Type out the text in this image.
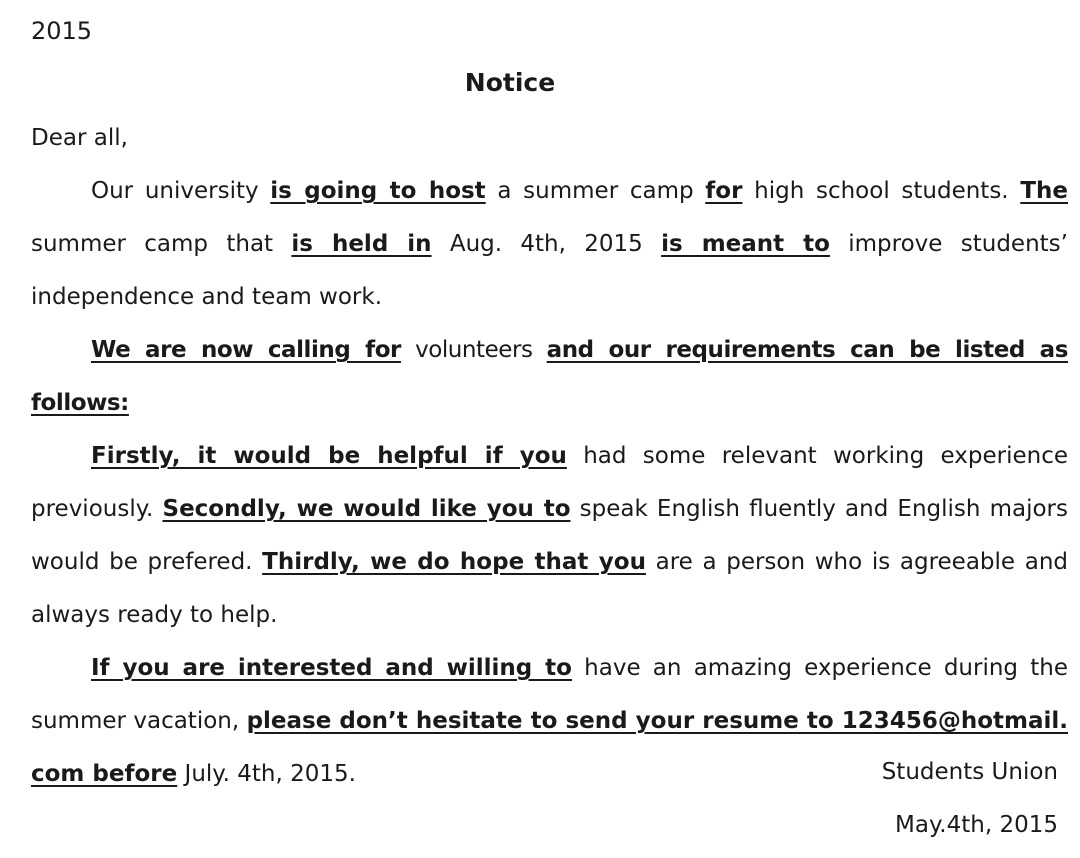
2015
Notice

Dear all,

Our university is going to host a summer camp for high school students. The summer camp that is held in Aug. 4th, 2015 is meant to improve students’ independence and team work.

We are now calling for volunteers and our requirements can be listed as follows:

Firstly, it would be helpful if you had some relevant working experience previously. Secondly, we would like you to speak English fluently and English majors would be prefered. Thirdly, we do hope that you are a person who is agreeable and always ready to help.

If you are interested and willing to have an amazing experience during the summer vacation, please don’t hesitate to send your resume to 123456@hotmail. com before July. 4th, 2015.	Students Union
May.4th, 2015
